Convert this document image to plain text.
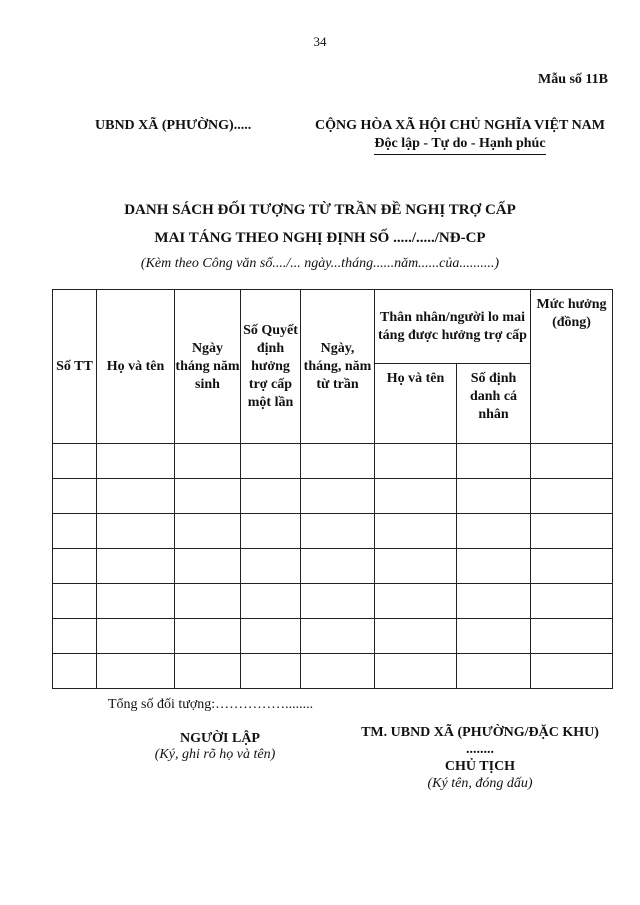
34
Mẫu số 11B
UBND XÃ (PHƯỜNG).....	CỘNG HÒA XÃ HỘI CHỦ NGHĨA VIỆT NAM
Độc lập - Tự do - Hạnh phúc
DANH SÁCH ĐỐI TƯỢNG TỪ TRẦN ĐỀ NGHỊ TRỢ CẤP
MAI TÁNG THEO NGHỊ ĐỊNH SỐ ...../...../NĐ-CP
(Kèm theo Công văn số..../... ngày...tháng......năm......của..........)
Số TT	Họ và tên	Ngày tháng năm sinh	Số Quyết định hưởng trợ cấp một lần	Ngày, tháng, năm từ trần	Thân nhân/người lo mai táng được hưởng trợ cấp		Mức hưởng (đồng)
					Họ và tên	Số định danh cá nhân	

Tổng số đối tượng:……………........
NGƯỜI LẬP
(Ký, ghi rõ họ và tên)
TM. UBND XÃ (PHƯỜNG/ĐẶC KHU)
........
CHỦ TỊCH
(Ký tên, đóng dấu)
